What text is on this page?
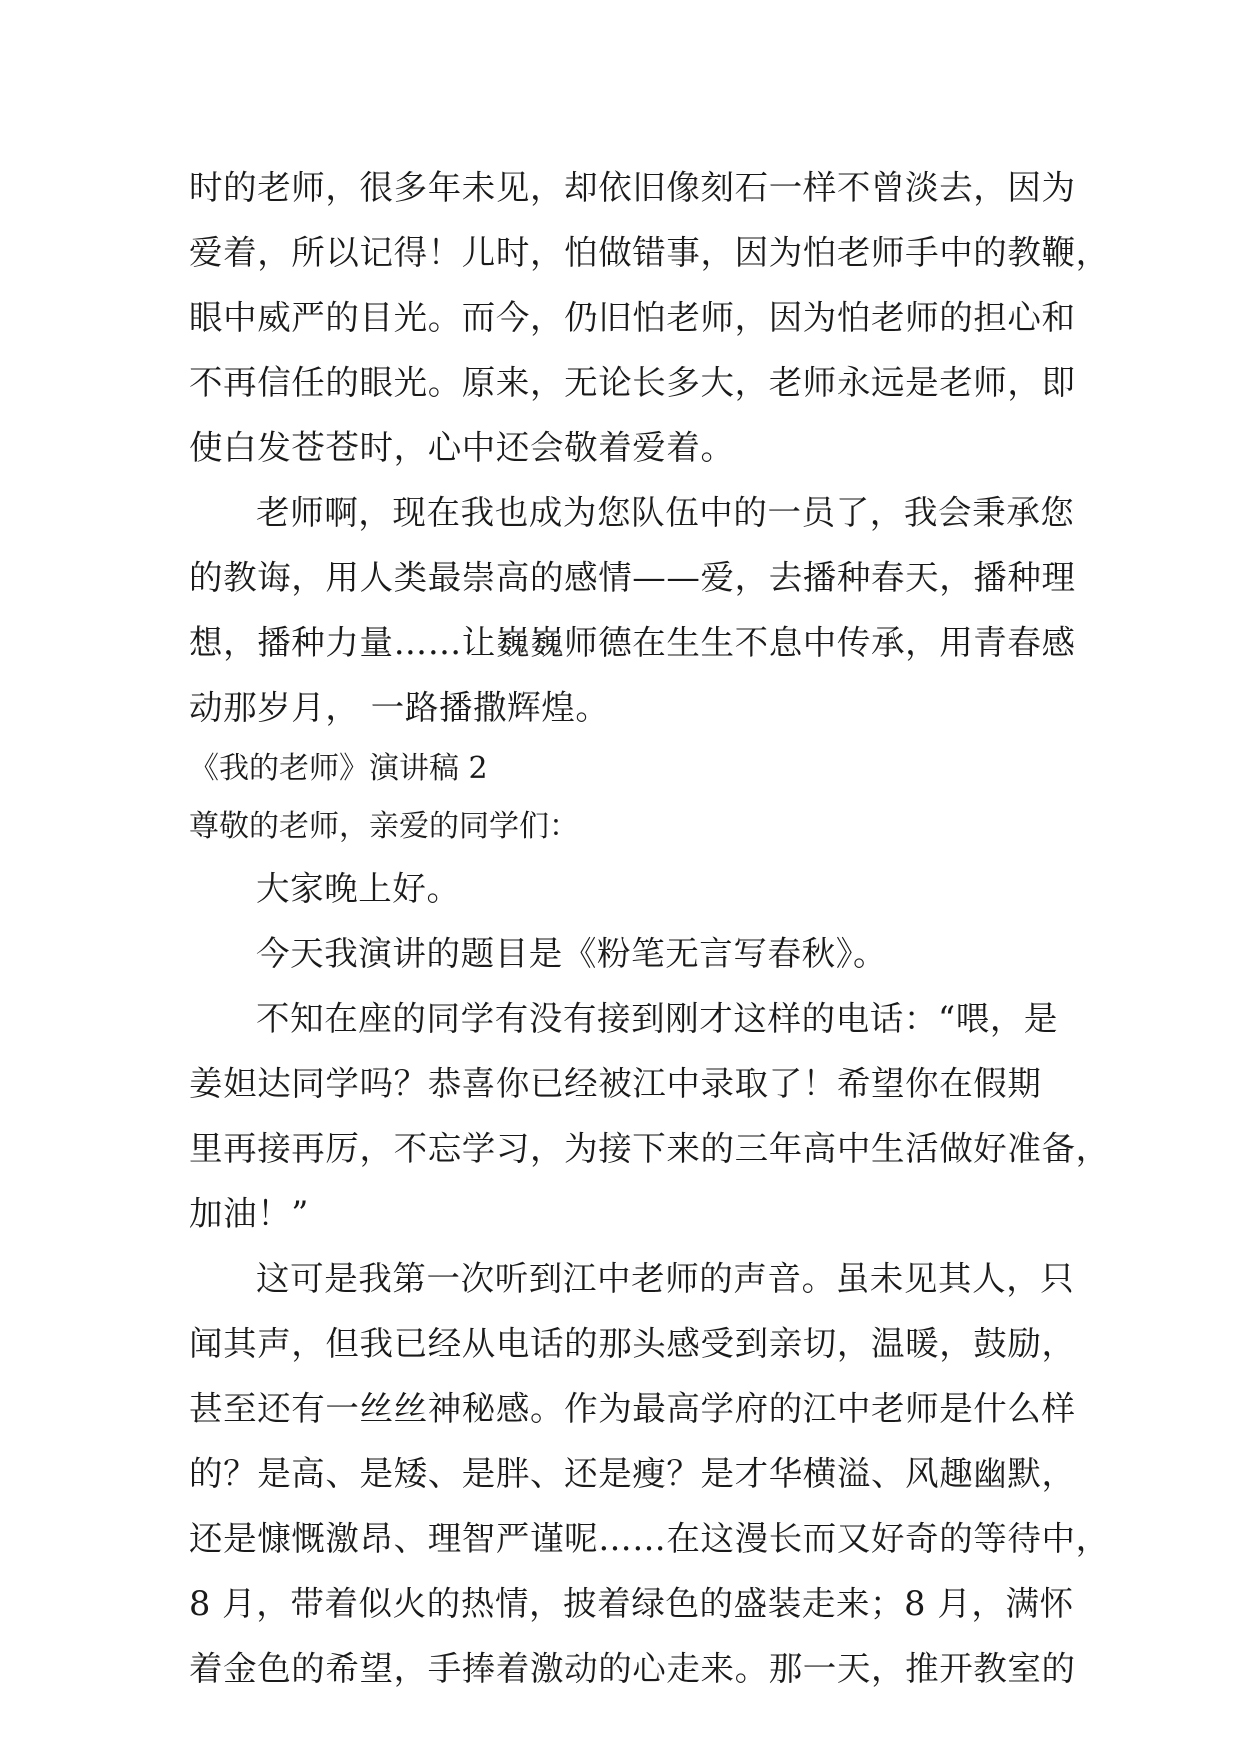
时的老师，很多年未见，却依旧像刻石一样不曾淡去，因为
爱着，所以记得！儿时，怕做错事，因为怕老师手中的教鞭，
眼中威严的目光。而今，仍旧怕老师，因为怕老师的担心和
不再信任的眼光。原来，无论长多大，老师永远是老师，即
使白发苍苍时，心中还会敬着爱着。
老师啊，现在我也成为您队伍中的一员了，我会秉承您
的教诲，用人类最崇高的感情——爱，去播种春天，播种理
想，播种力量……让巍巍师德在生生不息中传承，用青春感
动那岁月， 一路播撒辉煌。
《我的老师》演讲稿 2
尊敬的老师，亲爱的同学们：
大家晚上好。
今天我演讲的题目是《粉笔无言写春秋》。
不知在座的同学有没有接到刚才这样的电话：“喂，是
姜妲达同学吗？恭喜你已经被江中录取了！希望你在假期
里再接再厉，不忘学习，为接下来的三年高中生活做好准备，
加油！”
这可是我第一次听到江中老师的声音。虽未见其人，只
闻其声，但我已经从电话的那头感受到亲切，温暖，鼓励，
甚至还有一丝丝神秘感。作为最高学府的江中老师是什么样
的？是高、是矮、是胖、还是瘦？是才华横溢、风趣幽默，
还是慷慨激昂、理智严谨呢……在这漫长而又好奇的等待中，
8 月，带着似火的热情，披着绿色的盛装走来；8 月，满怀
着金色的希望，手捧着激动的心走来。那一天，推开教室的
